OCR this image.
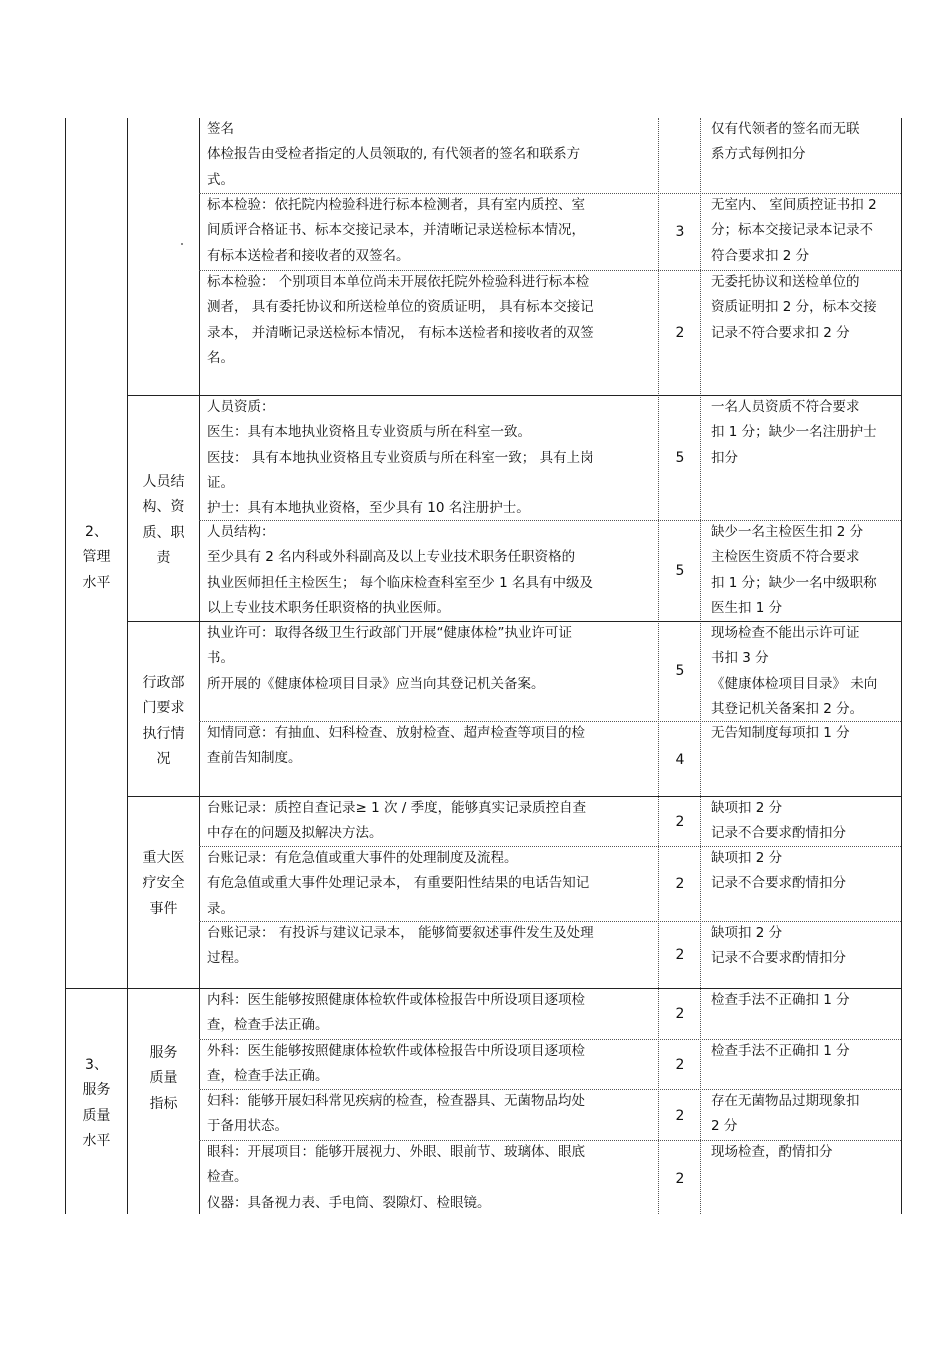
2、
管理
水平
人员结
构、资
质、职
责
行政部
门要求
执行情
况
重大医
疗安全
事件
3、
服务
质量
水平
服务
质量
指标
签名
体检报告由受检者指定的人员领取的, 有代领者的签名和联系方
式。
仅有代领者的签名而无联
系方式每例扣分
标本检验：依托院内检验科进行标本检测者，具有室内质控、室
间质评合格证书、标本交接记录本，并清晰记录送检标本情况，
有标本送检者和接收者的双签名。
3
无室内、 室间质控证书扣 2
分；标本交接记录本记录不
符合要求扣 2 分
标本检验： 个别项目本单位尚未开展依托院外检验科进行标本检
测者， 具有委托协议和所送检单位的资质证明， 具有标本交接记
录本， 并清晰记录送检标本情况， 有标本送检者和接收者的双签
名。
2
无委托协议和送检单位的
资质证明扣 2 分，标本交接
记录不符合要求扣 2 分
人员资质：
医生：具有本地执业资格且专业资质与所在科室一致。
医技： 具有本地执业资格且专业资质与所在科室一致； 具有上岗
证。
护士：具有本地执业资格，至少具有 10 名注册护士。
5
一名人员资质不符合要求
扣 1 分；缺少一名注册护士
扣分
人员结构：
至少具有 2 名内科或外科副高及以上专业技术职务任职资格的
执业医师担任主检医生； 每个临床检查科室至少 1 名具有中级及
以上专业技术职务任职资格的执业医师。
5
缺少一名主检医生扣 2 分
主检医生资质不符合要求
扣 1 分；缺少一名中级职称
医生扣 1 分
执业许可：取得各级卫生行政部门开展“健康体检”执业许可证
书。
所开展的《健康体检项目目录》应当向其登记机关备案。
5
现场检查不能出示许可证
书扣 3 分
《健康体检项目目录》 未向
其登记机关备案扣 2 分。
知情同意：有抽血、妇科检查、放射检查、超声检查等项目的检
查前告知制度。	4
无告知制度每项扣 1 分
台账记录：质控自查记录≥ 1 次 / 季度，能够真实记录质控自查
中存在的问题及拟解决方法。
2
缺项扣 2 分
记录不合要求酌情扣分
台账记录：有危急值或重大事件的处理制度及流程。
有危急值或重大事件处理记录本， 有重要阳性结果的电话告知记
录。
2
缺项扣 2 分
记录不合要求酌情扣分
台账记录： 有投诉与建议记录本， 能够简要叙述事件发生及处理
过程。	2
缺项扣 2 分
记录不合要求酌情扣分
内科：医生能够按照健康体检软件或体检报告中所设项目逐项检
查，检查手法正确。
2
检查手法不正确扣 1 分
外科：医生能够按照健康体检软件或体检报告中所设项目逐项检
查，检查手法正确。
2
检查手法不正确扣 1 分
妇科：能够开展妇科常见疾病的检查，检查器具、无菌物品均处
于备用状态。
2
存在无菌物品过期现象扣
2 分
眼科：开展项目：能够开展视力、外眼、眼前节、玻璃体、眼底
检查。
仪器：具备视力表、手电筒、裂隙灯、检眼镜。
2
现场检查，酌情扣分
